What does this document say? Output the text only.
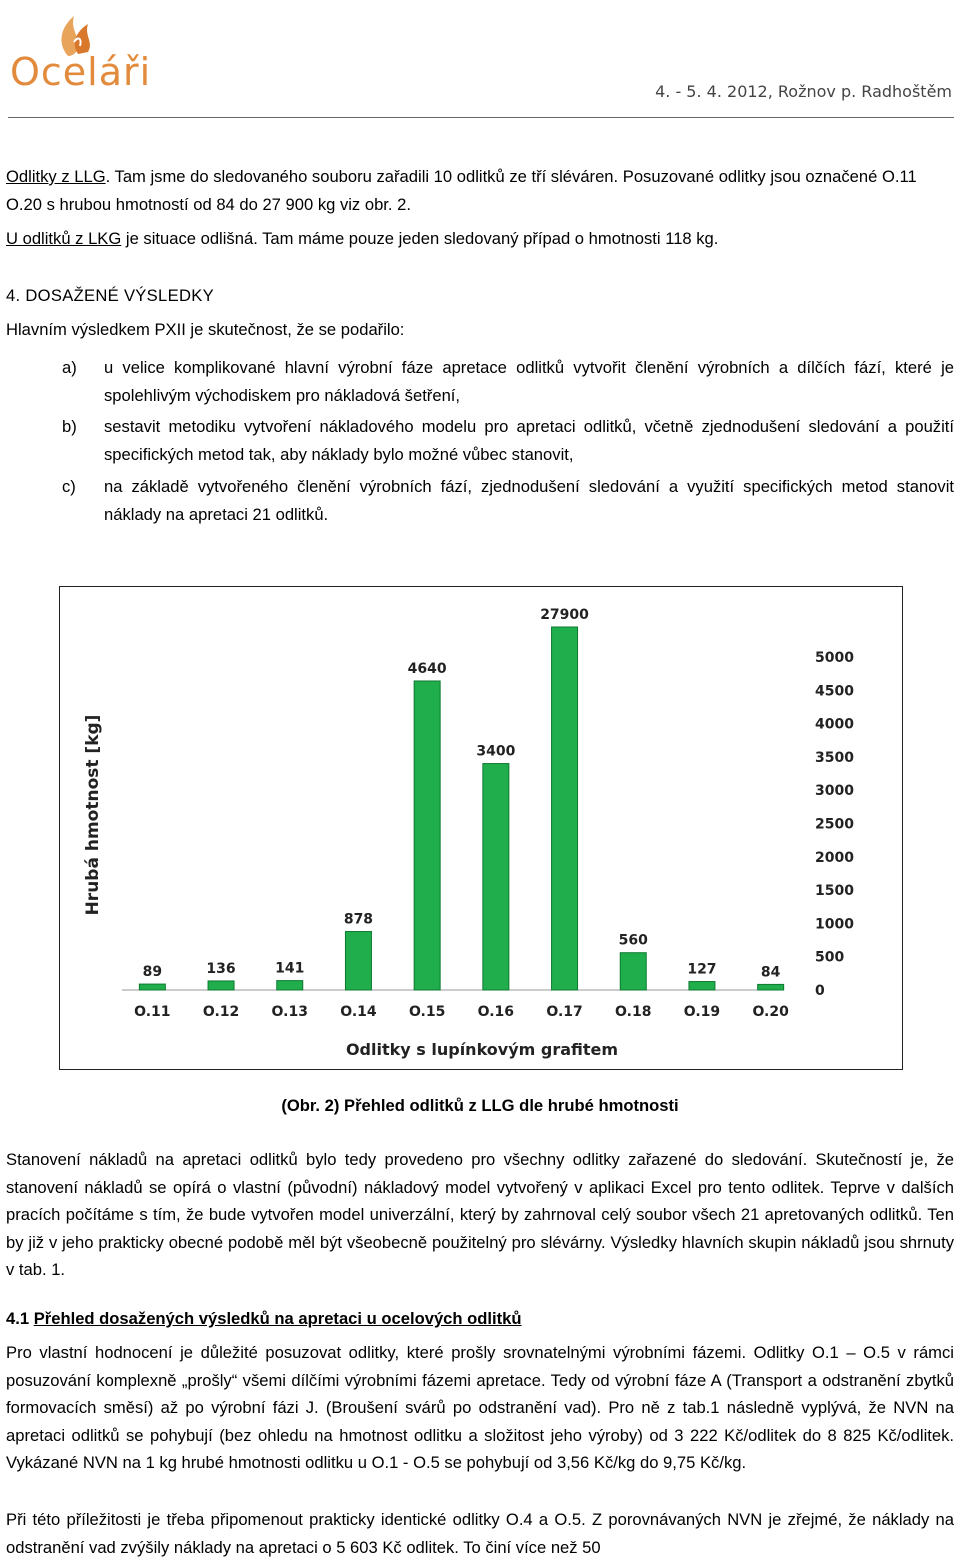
Oceláři	4. - 5. 4. 2012, Rožnov p. Radhoštěm
Odlitky z LLG. Tam jsme do sledovaného souboru zařadili 10 odlitků ze tří sléváren. Posuzované odlitky jsou označené O.11 O.20 s hrubou hmotností od 84 do 27 900 kg viz obr. 2.
U odlitků z LKG je situace odlišná. Tam máme pouze jeden sledovaný případ o hmotnosti 118 kg.
4. DOSAŽENÉ VÝSLEDKY
Hlavním výsledkem PXII je skutečnost, že se podařilo:
a) u velice komplikované hlavní výrobní fáze apretace odlitků vytvořit členění výrobních a dílčích fází, které je spolehlivým východiskem pro nákladová šetření,
b) sestavit metodiku vytvoření nákladového modelu pro apretaci odlitků, včetně zjednodušení sledování a použití specifických metod tak, aby náklady bylo možné vůbec stanovit,
c) na základě vytvořeného členění výrobních fází, zjednodušení sledování a využití specifických metod stanovit náklady na apretaci 21 odlitků.
89
O.11
136
O.12
141
O.13
878
O.14
4640
O.15
3400
O.16
27900
O.17
560
O.18
127
O.19
84
O.20
0
500
1000
1500
2000
2500
3000
3500
4000
4500
5000
Hrubá hmotnost [kg]
Odlitky s lupínkovým grafitem
(Obr. 2) Přehled odlitků z LLG dle hrubé hmotnosti
Stanovení nákladů na apretaci odlitků bylo tedy provedeno pro všechny odlitky zařazené do sledování. Skutečností je, že stanovení nákladů se opírá o vlastní (původní) nákladový model vytvořený v aplikaci Excel pro tento odlitek. Teprve v dalších pracích počítáme s tím, že bude vytvořen model univerzální, který by zahrnoval celý soubor všech 21 apretovaných odlitků. Ten by již v jeho prakticky obecné podobě měl být všeobecně použitelný pro slévárny. Výsledky hlavních skupin nákladů jsou shrnuty v tab. 1.
4.1 Přehled dosažených výsledků na apretaci u ocelových odlitků
Pro vlastní hodnocení je důležité posuzovat odlitky, které prošly srovnatelnými výrobními fázemi. Odlitky O.1 – O.5 v rámci posuzování komplexně „prošly“ všemi dílčími výrobními fázemi apretace. Tedy od výrobní fáze A (Transport a odstranění zbytků formovacích směsí) až po výrobní fázi J. (Broušení svárů po odstranění vad). Pro ně z tab.1 následně vyplývá, že NVN na apretaci odlitků se pohybují (bez ohledu na hmotnost odlitku a složitost jeho výroby) od 3 222 Kč/odlitek do 8 825 Kč/odlitek. Vykázané NVN na 1 kg hrubé hmotnosti odlitku u O.1 - O.5 se pohybují od 3,56 Kč/kg do 9,75 Kč/kg.
Při této příležitosti je třeba připomenout prakticky identické odlitky O.4 a O.5. Z porovnávaných NVN je zřejmé, že náklady na odstranění vad zvýšily náklady na apretaci o 5 603 Kč odlitek. To činí více než 50
